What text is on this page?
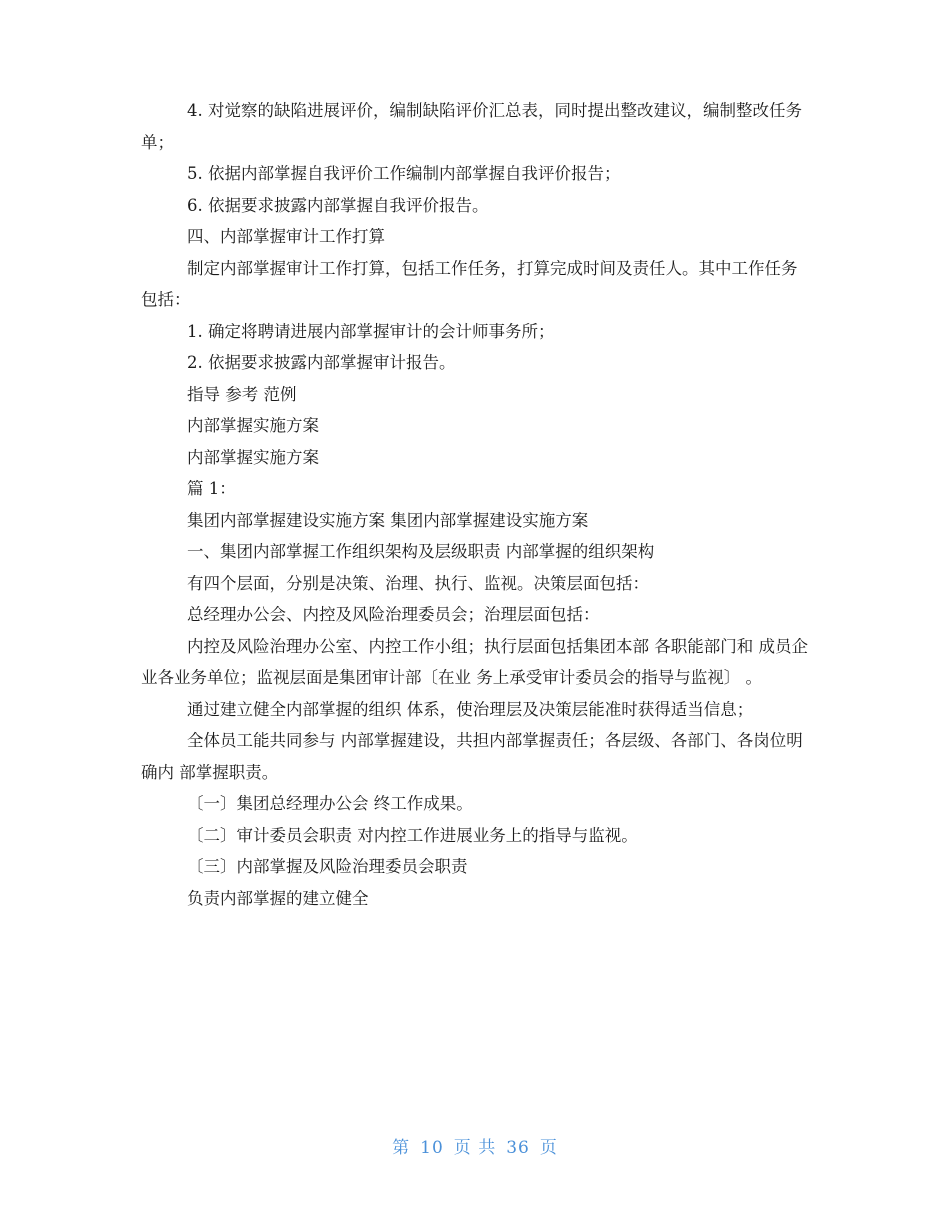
4. 对觉察的缺陷进展评价，编制缺陷评价汇总表，同时提出整改建议，编制整改任务单；

5. 依据内部掌握自我评价工作编制内部掌握自我评价报告；

6. 依据要求披露内部掌握自我评价报告。

四、内部掌握审计工作打算

制定内部掌握审计工作打算，包括工作任务，打算完成时间及责任人。其中工作任务包括：

1. 确定将聘请进展内部掌握审计的会计师事务所；

2. 依据要求披露内部掌握审计报告。

指导 参考 范例

内部掌握实施方案

内部掌握实施方案

篇 1：

集团内部掌握建设实施方案 集团内部掌握建设实施方案

一、集团内部掌握工作组织架构及层级职责 内部掌握的组织架构

有四个层面，分别是决策、治理、执行、监视。决策层面包括：

总经理办公会、内控及风险治理委员会；治理层面包括：

内控及风险治理办公室、内控工作小组；执行层面包括集团本部 各职能部门和 成员企业各业务单位；监视层面是集团审计部〔在业 务上承受审计委员会的指导与监视〕 。

通过建立健全内部掌握的组织 体系，使治理层及决策层能准时获得适当信息；

全体员工能共同参与 内部掌握建设，共担内部掌握责任；各层级、各部门、各岗位明确内 部掌握职责。

〔一〕集团总经理办公会 终工作成果。

〔二〕审计委员会职责 对内控工作进展业务上的指导与监视。

〔三〕内部掌握及风险治理委员会职责

负责内部掌握的建立健全

第 10 页 共 36 页
